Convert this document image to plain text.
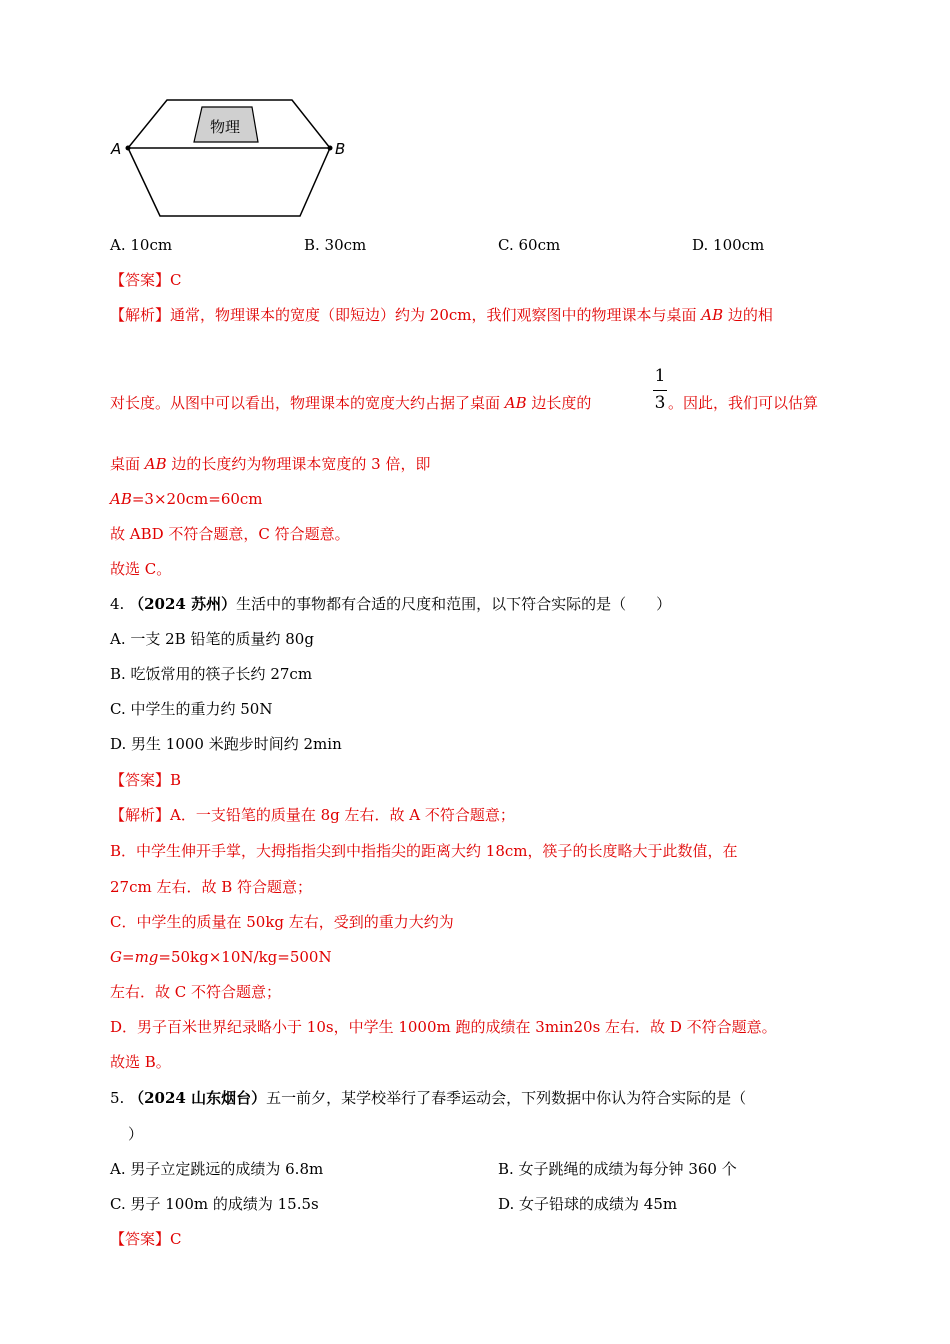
物理
A	B
A. 10cm	B. 30cm	C. 60cm	D. 100cm
【答案】C
【解析】通常，物理课本的宽度（即短边）约为 20cm，我们观察图中的物理课本与桌面 AB 边的相
对长度。从图中可以看出，物理课本的宽度大约占据了桌面 AB 边长度的
1
3 。因此，我们可以估算
桌面 AB 边的长度约为物理课本宽度的 3 倍，即
AB=3×20cm=60cm
故 ABD 不符合题意，C 符合题意。
故选 C。
4. （2024 苏州）生活中的事物都有合适的尺度和范围，以下符合实际的是（　　）
A. 一支 2B 铅笔的质量约 80g
B. 吃饭常用的筷子长约 27cm
C. 中学生的重力约 50N
D. 男生 1000 米跑步时间约 2min
【答案】B
【解析】A．一支铅笔的质量在 8g 左右．故 A 不符合题意；
B．中学生伸开手掌，大拇指指尖到中指指尖的距离大约 18cm，筷子的长度略大于此数值，在
27cm 左右．故 B 符合题意；
C．中学生的质量在 50kg 左右，受到的重力大约为
G=mg=50kg×10N/kg=500N
左右．故 C 不符合题意；
D．男子百米世界纪录略小于 10s，中学生 1000m 跑的成绩在 3min20s 左右．故 D 不符合题意。
故选 B。
5. （2024 山东烟台）五一前夕，某学校举行了春季运动会，下列数据中你认为符合实际的是（
）
A. 男子立定跳远的成绩为 6.8m	B. 女子跳绳的成绩为每分钟 360 个
C. 男子 100m 的成绩为 15.5s	D. 女子铅球的成绩为 45m
【答案】C
